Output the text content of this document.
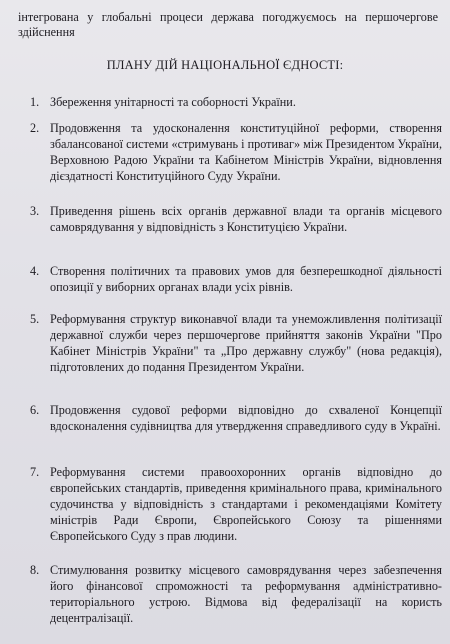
інтегрована у глобальні процеси держава погоджуємось на першочергове здійснення
ПЛАНУ ДІЙ НАЦІОНАЛЬНОЇ ЄДНОСТІ:
1. Збереження унітарності та соборності України.
2. Продовження та удосконалення конституційної реформи, створення збалансованої системи «стримувань і противаг» між Президентом України, Верховною Радою України та Кабінетом Міністрів України, відновлення дієздатності Конституційного Суду України.
3. Приведення рішень всіх органів державної влади та органів місцевого самоврядування у відповідність з Конституцією України.
4. Створення політичних та правових умов для безперешкодної діяльності опозиції у виборних органах влади усіх рівнів.
5. Реформування структур виконавчої влади та унеможливлення політизації державної служби через першочергове прийняття законів України "Про Кабінет Міністрів України" та „Про державну службу" (нова редакція), підготовлених до подання Президентом України.
6. Продовження судової реформи відповідно до схваленої Концепції вдосконалення судівництва для утвердження справедливого суду в Україні.
7. Реформування системи правоохоронних органів відповідно до європейських стандартів, приведення кримінального права, кримінального судочинства у відповідність з стандартами і рекомендаціями Комітету міністрів Ради Європи, Європейського Союзу та рішеннями Європейського Суду з прав людини.
8. Стимулювання розвитку місцевого самоврядування через забезпечення його фінансової спроможності та реформування адміністративно-територіального устрою. Відмова від федералізації на користь децентралізації.
